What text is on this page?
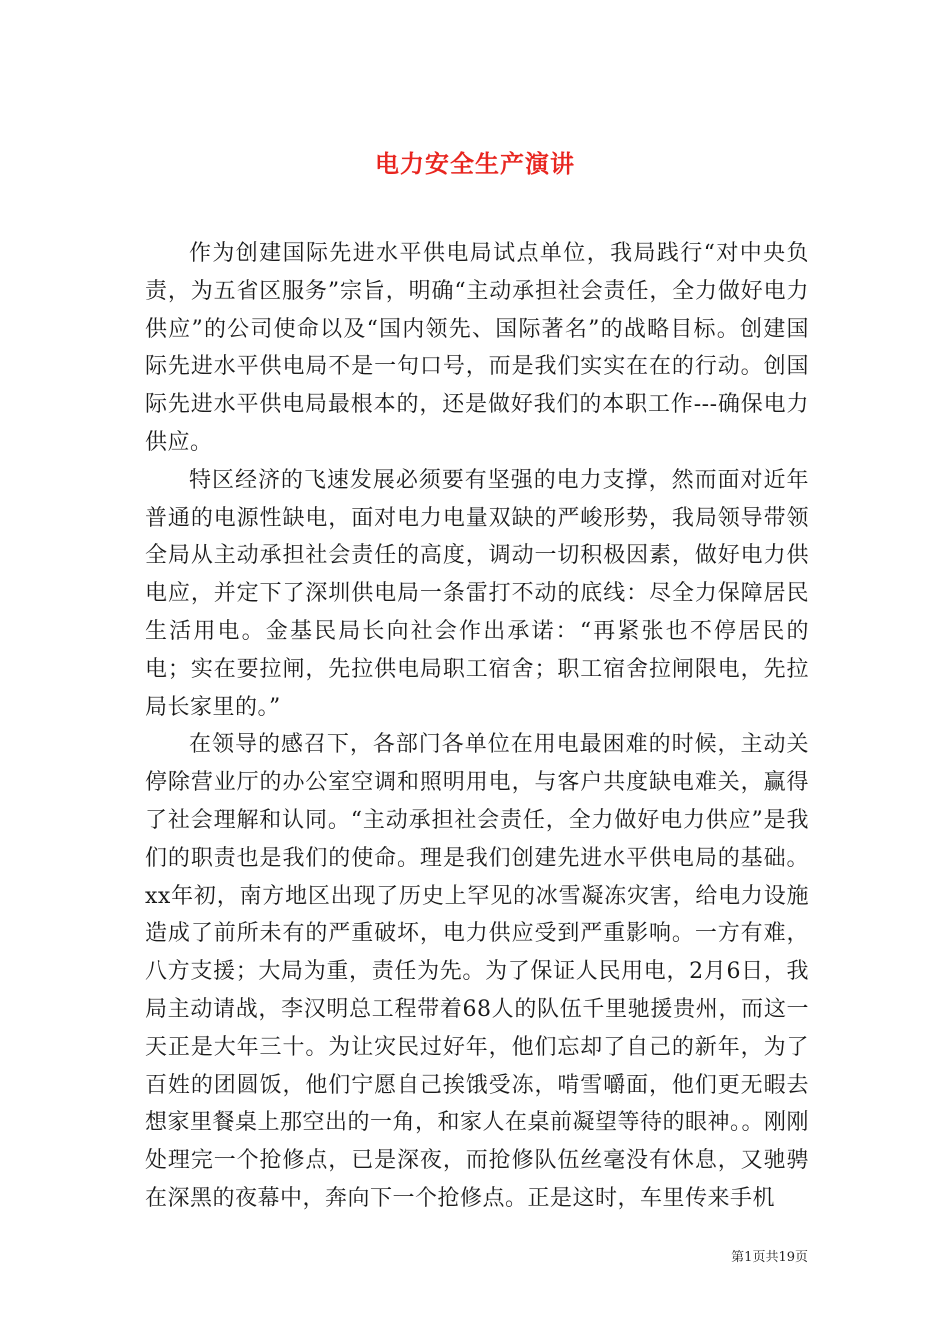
电力安全生产演讲

作为创建国际先进水平供电局试点单位，我局践行“对中央负责，为五省区服务”宗旨，明确“主动承担社会责任，全力做好电力供应”的公司使命以及“国内领先、国际著名”的战略目标。创建国际先进水平供电局不是一句口号，而是我们实实在在的行动。创国际先进水平供电局最根本的，还是做好我们的本职工作---确保电力供应。

特区经济的飞速发展必须要有坚强的电力支撑，然而面对近年普通的电源性缺电，面对电力电量双缺的严峻形势，我局领导带领全局从主动承担社会责任的高度，调动一切积极因素，做好电力供电应，并定下了深圳供电局一条雷打不动的底线：尽全力保障居民生活用电。金基民局长向社会作出承诺：“再紧张也不停居民的电；实在要拉闸，先拉供电局职工宿舍；职工宿舍拉闸限电，先拉局长家里的。”

在领导的感召下，各部门各单位在用电最困难的时候，主动关停除营业厅的办公室空调和照明用电，与客户共度缺电难关，赢得了社会理解和认同。“主动承担社会责任，全力做好电力供应”是我们的职责也是我们的使命。理是我们创建先进水平供电局的基础。xx年初，南方地区出现了历史上罕见的冰雪凝冻灾害，给电力设施造成了前所未有的严重破坏，电力供应受到严重影响。一方有难，八方支援；大局为重，责任为先。为了保证人民用电，2月6日，我局主动请战，李汉明总工程带着68人的队伍千里驰援贵州，而这一天正是大年三十。为让灾民过好年，他们忘却了自己的新年，为了百姓的团圆饭，他们宁愿自己挨饿受冻，啃雪嚼面，他们更无暇去想家里餐桌上那空出的一角，和家人在桌前凝望等待的眼神。。刚刚处理完一个抢修点，已是深夜，而抢修队伍丝毫没有休息，又驰骋在深黑的夜幕中，奔向下一个抢修点。正是这时，车里传来手机

第1页共19页
